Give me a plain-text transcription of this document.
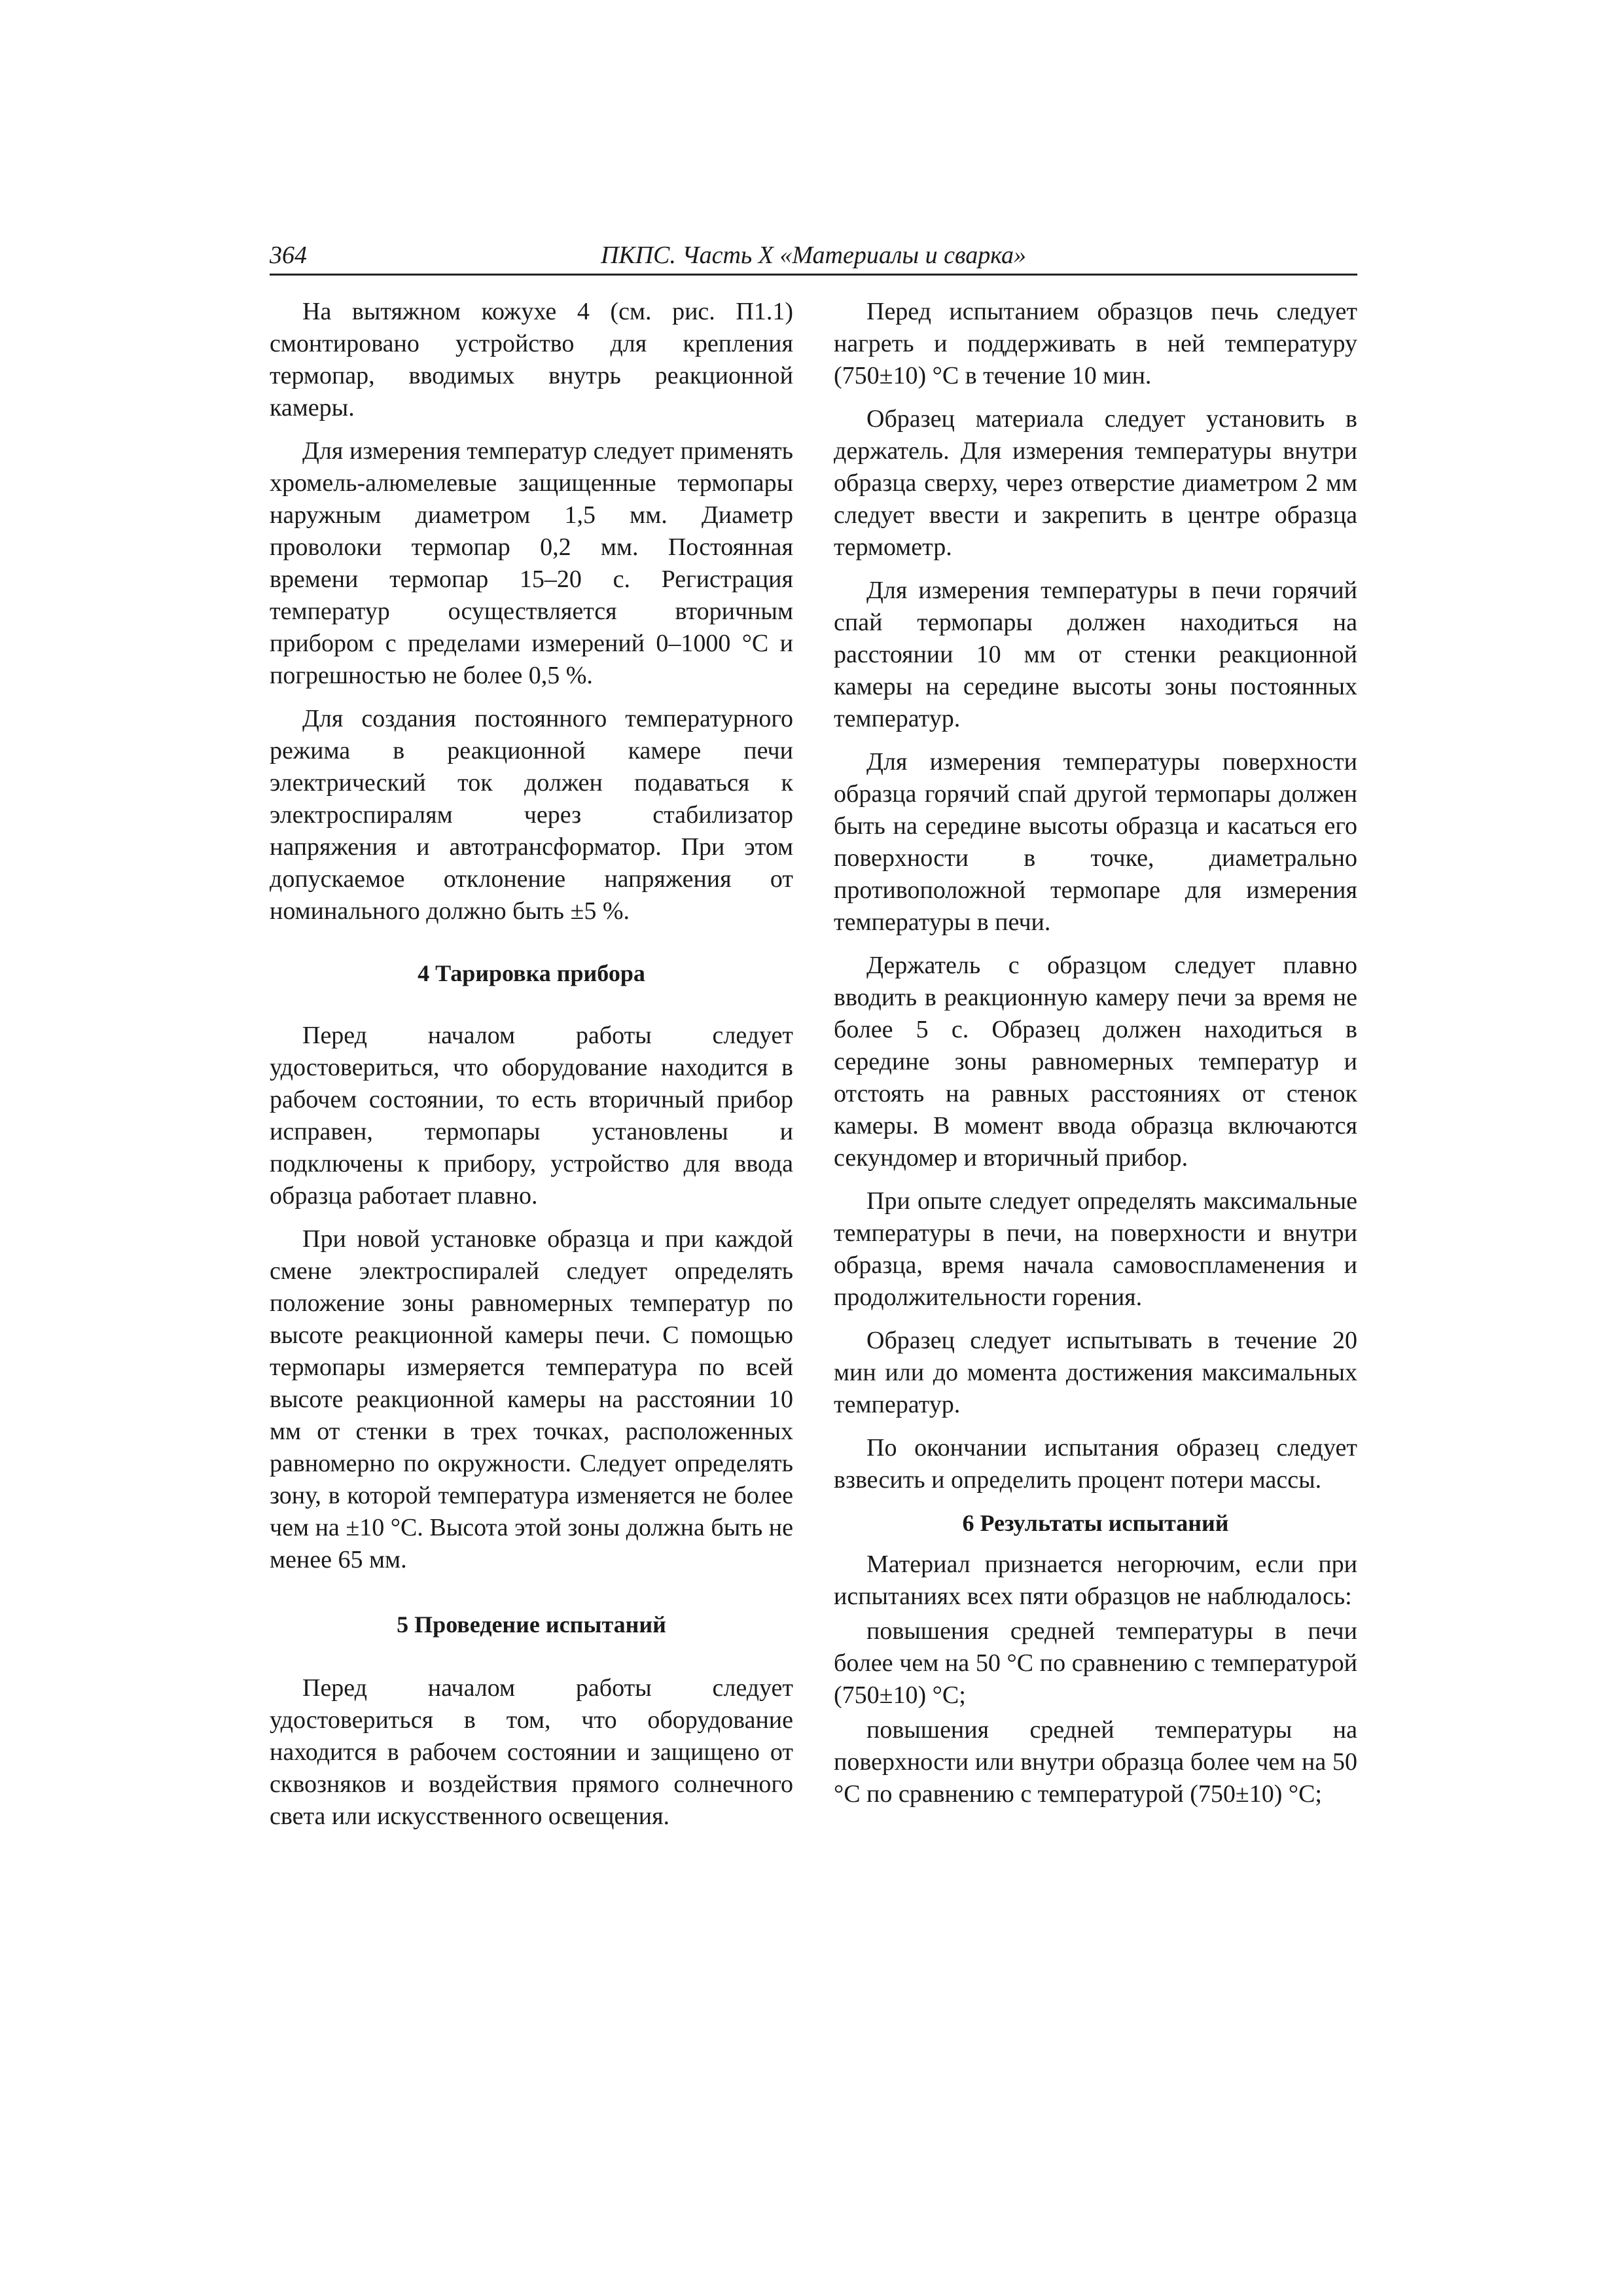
364	ПКПС. Часть X «Материалы и сварка»

На вытяжном кожухе 4 (см. рис. П1.1) смонтировано устройство для крепления термопар, вводимых внутрь реакционной камеры.

Для измерения температур следует применять хромель-алюмелевые защищенные термопары наружным диаметром 1,5 мм. Диаметр проволоки термопар 0,2 мм. Постоянная времени термопар 15–20 с. Регистрация температур осуществляется вторичным прибором с пределами измерений 0–1000 °С и погрешностью не более 0,5 %.

Для создания постоянного температурного режима в реакционной камере печи электрический ток должен подаваться к электроспиралям через стабилизатор напряжения и автотрансформатор. При этом допускаемое отклонение напряжения от номинального должно быть ±5 %.

4 Тарировка прибора

Перед началом работы следует удостовериться, что оборудование находится в рабочем состоянии, то есть вторичный прибор исправен, термопары установлены и подключены к прибору, устройство для ввода образца работает плавно.

При новой установке образца и при каждой смене электроспиралей следует определять положение зоны равномерных температур по высоте реакционной камеры печи. С помощью термопары измеряется температура по всей высоте реакционной камеры на расстоянии 10 мм от стенки в трех точках, расположенных равномерно по окружности. Следует определять зону, в которой температура изменяется не более чем на ±10 °С. Высота этой зоны должна быть не менее 65 мм.

5 Проведение испытаний

Перед началом работы следует удостовериться в том, что оборудование находится в рабочем состоянии и защищено от сквозняков и воздействия прямого солнечного света или искусственного освещения.

Перед испытанием образцов печь следует нагреть и поддерживать в ней температуру (750±10) °С в течение 10 мин.

Образец материала следует установить в держатель. Для измерения температуры внутри образца сверху, через отверстие диаметром 2 мм следует ввести и закрепить в центре образца термометр.

Для измерения температуры в печи горячий спай термопары должен находиться на расстоянии 10 мм от стенки реакционной камеры на середине высоты зоны постоянных температур.

Для измерения температуры поверхности образца горячий спай другой термопары должен быть на середине высоты образца и касаться его поверхности в точке, диаметрально противоположной термопаре для измерения температуры в печи.

Держатель с образцом следует плавно вводить в реакционную камеру печи за время не более 5 с. Образец должен находиться в середине зоны равномерных температур и отстоять на равных расстояниях от стенок камеры. В момент ввода образца включаются секундомер и вторичный прибор.

При опыте следует определять максимальные температуры в печи, на поверхности и внутри образца, время начала самовоспламенения и продолжительности горения.

Образец следует испытывать в течение 20 мин или до момента достижения максимальных температур.

По окончании испытания образец следует взвесить и определить процент потери массы.

6 Результаты испытаний

Материал признается негорючим, если при испытаниях всех пяти образцов не наблюдалось:

повышения средней температуры в печи более чем на 50 °С по сравнению с температурой (750±10) °С;

повышения средней температуры на поверхности или внутри образца более чем на 50 °С по сравнению с температурой (750±10) °С;
